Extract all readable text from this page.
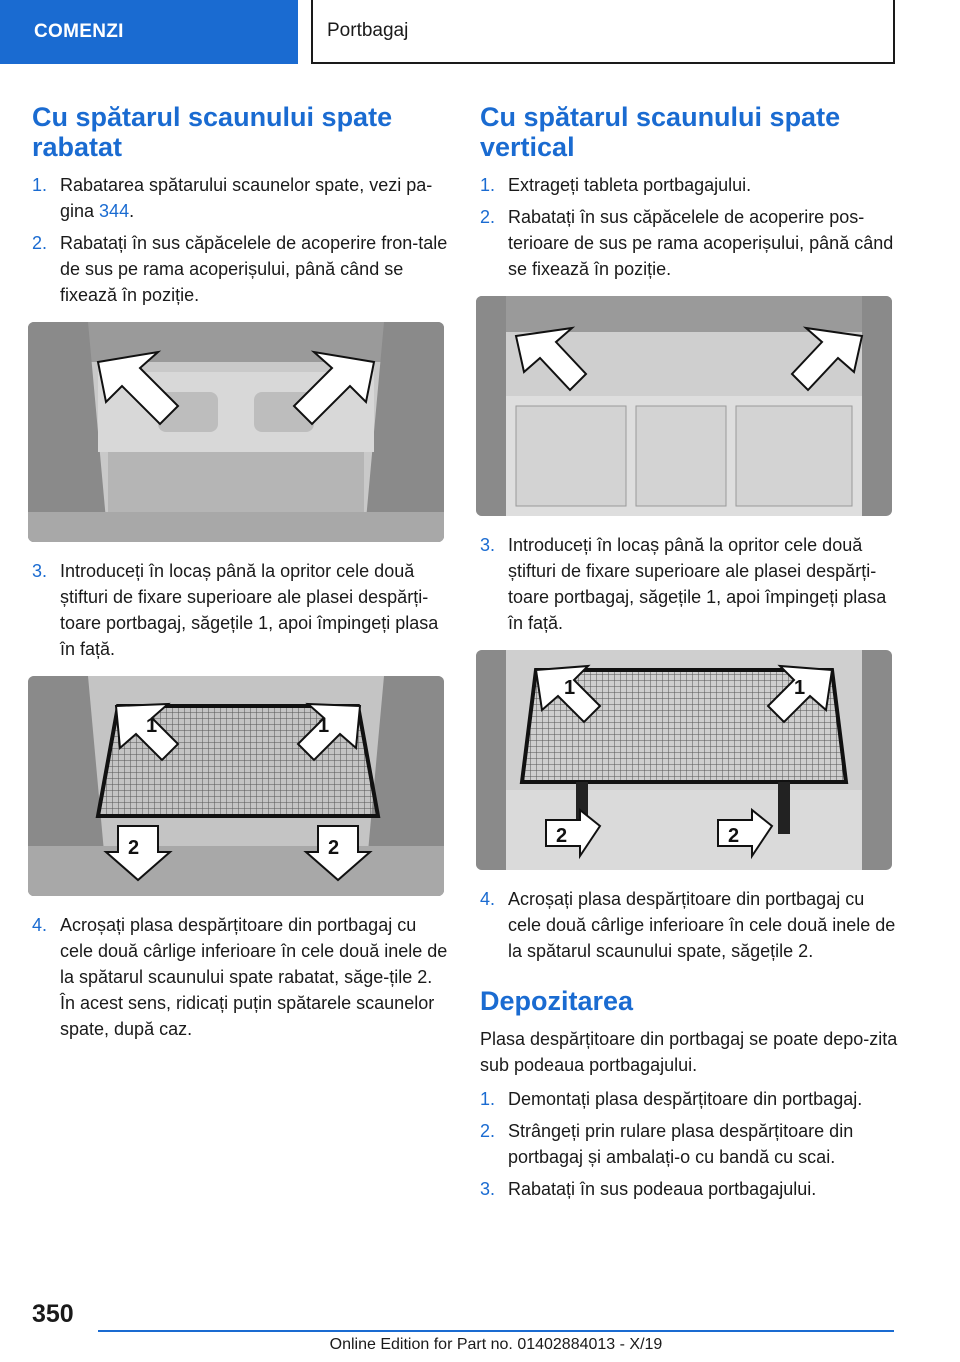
COMENZI	Portbagaj
Cu spătarul scaunului spate rabatat
1. Rabatarea spătarului scaunelor spate, vezi pa-gina 344.
2. Rabatați în sus căpăcelele de acoperire fron-tale de sus pe rama acoperișului, până când se fixează în poziție.
3. Introduceți în locaș până la opritor cele două știfturi de fixare superioare ale plasei despărți-toare portbagaj, săgețile 1, apoi împingeți plasa în față.
1	1
2	2
4. Acroșați plasa despărțitoare din portbagaj cu cele două cârlige inferioare în cele două inele de la spătarul scaunului spate rabatat, săge-țile 2. În acest sens, ridicați puțin spătarele scaunelor spate, după caz.
Cu spătarul scaunului spate vertical
1. Extrageți tableta portbagajului.
2. Rabatați în sus căpăcelele de acoperire pos-terioare de sus pe rama acoperișului, până când se fixează în poziție.
3. Introduceți în locaș până la opritor cele două știfturi de fixare superioare ale plasei despărți-toare portbagaj, săgețile 1, apoi împingeți plasa în față.
1	1
2	2
4. Acroșați plasa despărțitoare din portbagaj cu cele două cârlige inferioare în cele două inele de la spătarul scaunului spate, săgețile 2.
Depozitarea

Plasa despărțitoare din portbagaj se poate depo-zita sub podeaua portbagajului.

1. Demontați plasa despărțitoare din portbagaj.
2. Strângeți prin rulare plasa despărțitoare din portbagaj și ambalați-o cu bandă cu scai.
3. Rabatați în sus podeaua portbagajului.
350
Online Edition for Part no. 01402884013 - X/19
